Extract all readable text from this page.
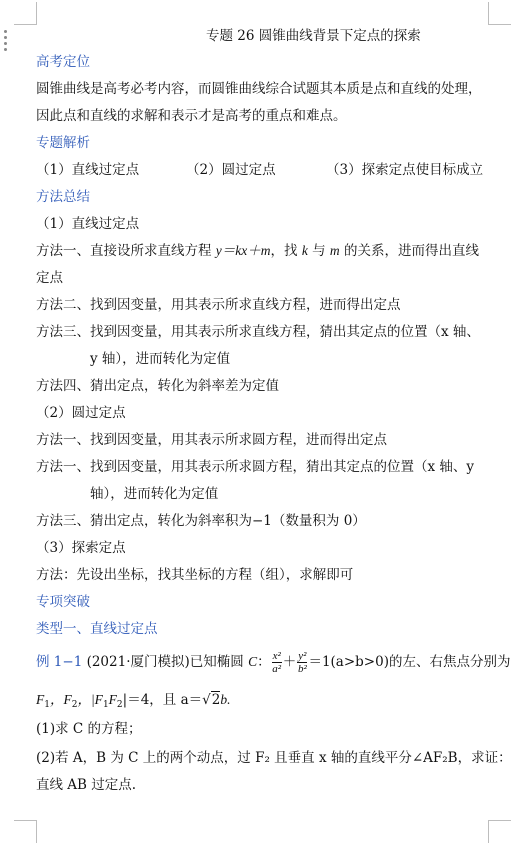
专题 26 圆锥曲线背景下定点的探索
高考定位
圆锥曲线是高考必考内容，而圆锥曲线综合试题其本质是点和直线的处理，
因此点和直线的求解和表示才是高考的重点和难点。
专题解析
（1）直线过定点	（2）圆过定点	（3）探索定点使目标成立
方法总结
（1）直线过定点
方法一、直接设所求直线方程 y＝kx＋m，找 k 与 m 的关系，进而得出直线
定点
方法二、找到因变量，用其表示所求直线方程，进而得出定点
方法三、找到因变量，用其表示所求直线方程，猜出其定点的位置（x 轴、
y 轴），进而转化为定值
方法四、猜出定点，转化为斜率差为定值
（2）圆过定点
方法一、找到因变量，用其表示所求圆方程，进而得出定点
方法一、找到因变量，用其表示所求圆方程，猜出其定点的位置（x 轴、y
轴），进而转化为定值
方法三、猜出定点，转化为斜率积为−1（数量积为 0）
（3）探索定点
方法：先设出坐标，找其坐标的方程（组），求解即可
专项突破
类型一、直线过定点
例 1−1 (2021·厦门模拟)已知椭圆 C： $\frac{\text{x²}}{\text{a²}} + \frac{\text{y²}}{\text{b²}} =1(a>b>0)$的左、右焦点分别为
$F_1$，$F_2$，$|F_1F_2|=4$，且 a＝√2b.
(1)求 C 的方程；
(2)若 A，B 为 C 上的两个动点，过 F₂ 且垂直 x 轴的直线平分∠AF₂B，求证：
直线 AB 过定点.
